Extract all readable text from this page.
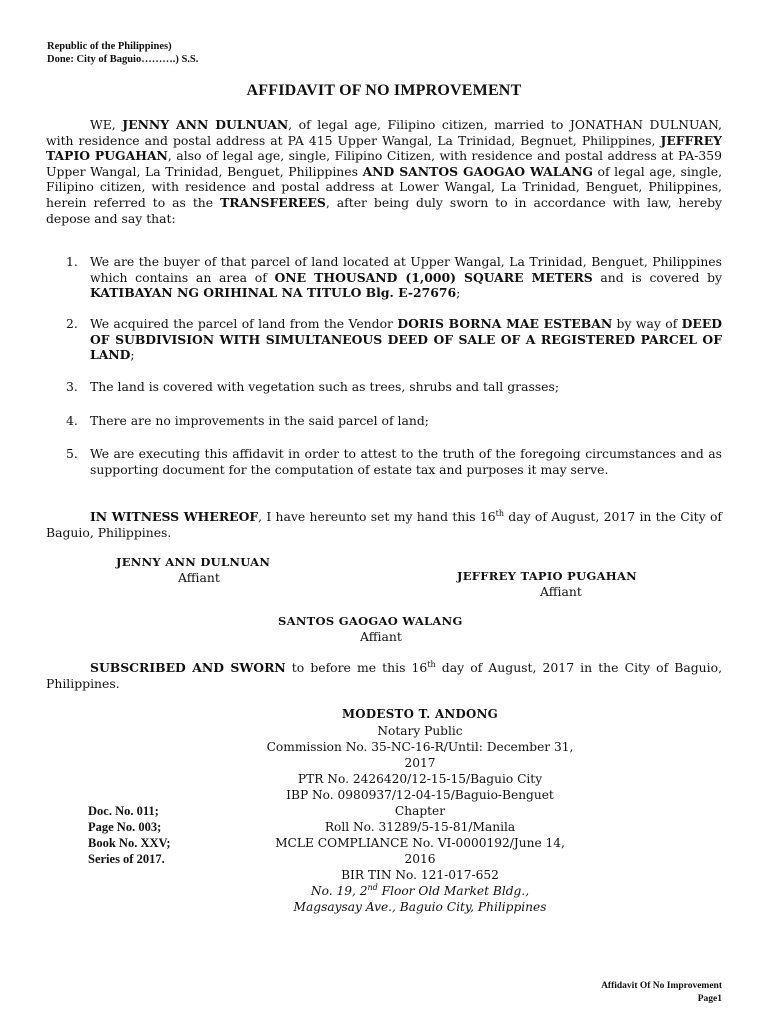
Republic of the Philippines)
Done: City of Baguio……….) S.S.
AFFIDAVIT OF NO IMPROVEMENT

WE, JENNY ANN DULNUAN, of legal age, Filipino citizen, married to JONATHAN DULNUAN, with residence and postal address at PA 415 Upper Wangal, La Trinidad, Begnuet, Philippines, JEFFREY TAPIO PUGAHAN, also of legal age, single, Filipino Citizen, with residence and postal address at PA-359 Upper Wangal, La Trinidad, Benguet, Philippines AND SANTOS GAOGAO WALANG of legal age, single, Filipino citizen, with residence and postal address at Lower Wangal, La Trinidad, Benguet, Philippines, herein referred to as the TRANSFEREES, after being duly sworn to in accordance with law, hereby depose and say that:

1. We are the buyer of that parcel of land located at Upper Wangal, La Trinidad, Benguet, Philippines which contains an area of ONE THOUSAND (1,000) SQUARE METERS and is covered by KATIBAYAN NG ORIHINAL NA TITULO Blg. E-27676;

2. We acquired the parcel of land from the Vendor DORIS BORNA MAE ESTEBAN by way of DEED OF SUBDIVISION WITH SIMULTANEOUS DEED OF SALE OF A REGISTERED PARCEL OF LAND;

3. The land is covered with vegetation such as trees, shrubs and tall grasses;

4. There are no improvements in the said parcel of land;

5. We are executing this affidavit in order to attest to the truth of the foregoing circumstances and as supporting document for the computation of estate tax and purposes it may serve.

IN WITNESS WHEREOF, I have hereunto set my hand this 16th day of August, 2017 in the City of Baguio, Philippines.

JENNY ANN DULNUAN
Affiant	JEFFREY TAPIO PUGAHAN
Affiant
SANTOS GAOGAO WALANG
Affiant

SUBSCRIBED AND SWORN to before me this 16th day of August, 2017 in the City of Baguio, Philippines.

MODESTO T. ANDONG
Notary Public
Commission No. 35-NC-16-R/Until: December 31, 2017
PTR No. 2426420/12-15-15/Baguio City
IBP No. 0980937/12-04-15/Baguio-Benguet Chapter
Roll No. 31289/5-15-81/Manila
MCLE COMPLIANCE No. VI-0000192/June 14, 2016
BIR TIN No. 121-017-652
No. 19, 2nd Floor Old Market Bldg.,
Magsaysay Ave., Baguio City, Philippines
Doc. No. 011;
Page No. 003;
Book No. XXV;
Series of 2017.
Affidavit Of No Improvement
Page1
